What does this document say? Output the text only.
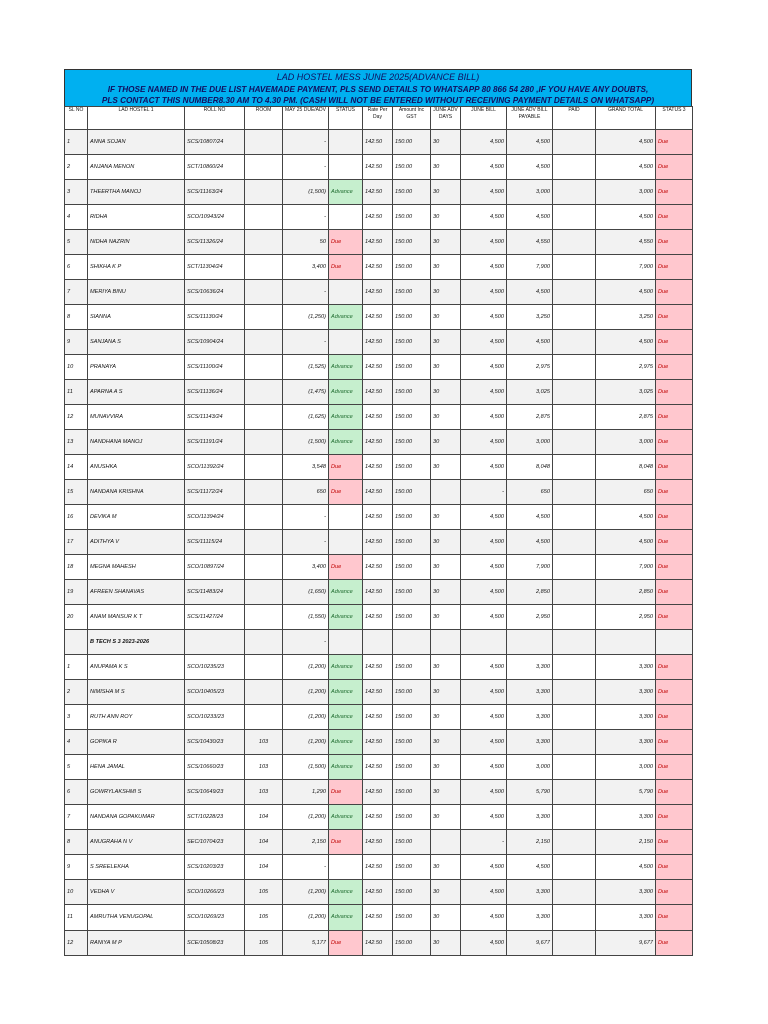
LAD HOSTEL MESS JUNE 2025(ADVANCE BILL)
IF THOSE NAMED IN THE DUE LIST HAVEMADE PAYMENT, PLS SEND DETAILS TO WHATSAPP 80 866 54 280 ,IF YOU HAVE ANY DOUBTS,
PLS CONTACT THIS NUMBER8.30 AM TO 4.30 PM. (CASH WILL NOT BE ENTERED WITHOUT RECEIVING PAYMENT DETAILS ON WHATSAPP)
SL NO	LAD HOSTEL 1	ROLL NO	ROOM	MAY 25 DUE/ADV	STATUS	Rate Per Day	Amount Inc GST	JUNE ADV DAYS	JUNE BILL	JUNE ADV BILL PAYABLE	PAID	GRAND TOTAL	STATUS 3
1	ANNA SOJAN	SCS/10807/24		-		142.50	150.00	30	4,500	4,500		4,500	Due
2	ANJANA MENON	SCT/10860/24		-		142.50	150.00	30	4,500	4,500		4,500	Due
3	THEERTHA MANOJ	SCS/11163/24		(1,500)	Advance	142.50	150.00	30	4,500	3,000		3,000	Due
4	RIDHA	SCO/10943/24		-		142.50	150.00	30	4,500	4,500		4,500	Due
5	NIDHA NAZRIN	SCS/11326/24		50	Due	142.50	150.00	30	4,500	4,550		4,550	Due
6	SHIKHA K P	SCT/11304/24		3,400	Due	142.50	150.00	30	4,500	7,900		7,900	Due
7	MERIYA BINU	SCS/10636/24		-		142.50	150.00	30	4,500	4,500		4,500	Due
8	SIANNA	SCS/11130/24		(1,250)	Advance	142.50	150.00	30	4,500	3,250		3,250	Due
9	SANJANA S	SCS/10904/24		-		142.50	150.00	30	4,500	4,500		4,500	Due
10	PRANAYA	SCS/11100/24		(1,525)	Advance	142.50	150.00	30	4,500	2,975		2,975	Due
11	APARNA A S	SCS/11136/24		(1,475)	Advance	142.50	150.00	30	4,500	3,025		3,025	Due
12	MUNAVVIRA	SCS/11143/24		(1,625)	Advance	142.50	150.00	30	4,500	2,875		2,875	Due
13	NANDHANA MANOJ	SCS/11191/24		(1,500)	Advance	142.50	150.00	30	4,500	3,000		3,000	Due
14	ANUSHKA	SCO/11392/24		3,548	Due	142.50	150.00	30	4,500	8,048		8,048	Due
15	NANDANA KRISHNA	SCS/11172/24		650	Due	142.50	150.00		-	650		650	Due
16	DEVIKA M	SCO/11394/24		-		142.50	150.00	30	4,500	4,500		4,500	Due
17	ADITHYA V	SCS/11115/24		-		142.50	150.00	30	4,500	4,500		4,500	Due
18	MEGNA MAHESH	SCO/10897/24		3,400	Due	142.50	150.00	30	4,500	7,900		7,900	Due
19	AFREEN SHANAVAS	SCS/11483/24		(1,650)	Advance	142.50	150.00	30	4,500	2,850		2,850	Due
20	ANAM MANSUR K T	SCS/11427/24		(1,550)	Advance	142.50	150.00	30	4,500	2,950		2,950	Due
	B TECH S 3 2023-2026			-									
1	ANUPAMA K S	SCO/10235/23		(1,200)	Advance	142.50	150.00	30	4,500	3,300		3,300	Due
2	NIMISHA M S	SCO/10405/23		(1,200)	Advance	142.50	150.00	30	4,500	3,300		3,300	Due
3	RUTH ANN ROY	SCO/10233/23		(1,200)	Advance	142.50	150.00	30	4,500	3,300		3,300	Due
4	GOPIKA R	SCS/10430/23	103	(1,200)	Advance	142.50	150.00	30	4,500	3,300		3,300	Due
5	HENA JAMAL	SCS/10660/23	103	(1,500)	Advance	142.50	150.00	30	4,500	3,000		3,000	Due
6	GOWRYLAKSHMI S	SCS/10649/23	103	1,290	Due	142.50	150.00	30	4,500	5,790		5,790	Due
7	NANDANA GOPAKUMAR	SCT/10228/23	104	(1,200)	Advance	142.50	150.00	30	4,500	3,300		3,300	Due
8	ANUGRAHA N V	SEC/10704/23	104	2,150	Due	142.50	150.00		-	2,150		2,150	Due
9	S SREELEKHA	SCS/10203/23	104	-		142.50	150.00	30	4,500	4,500		4,500	Due
10	VEDHA V	SCO/10266/23	105	(1,200)	Advance	142.50	150.00	30	4,500	3,300		3,300	Due
11	AMRUTHA VENUGOPAL	SCO/10269/23	105	(1,200)	Advance	142.50	150.00	30	4,500	3,300		3,300	Due
12	RANIYA M P	SCE/10508/23	105	5,177	Due	142.50	150.00	30	4,500	9,677		9,677	Due
